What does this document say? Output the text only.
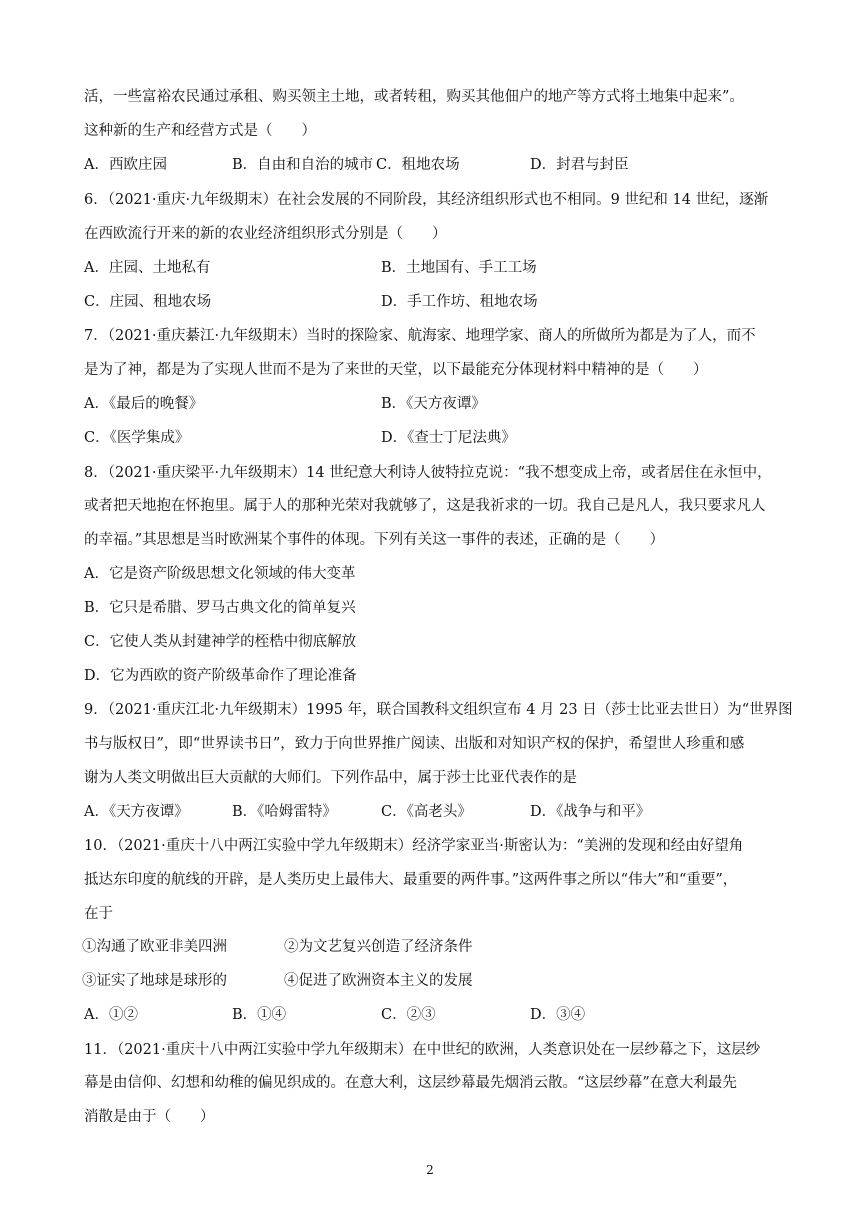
活，一些富裕农民通过承租、购买领主土地，或者转租，购买其他佃户的地产等方式将土地集中起来”。
这种新的生产和经营方式是（　　）
A．西欧庄园	B．自由和自治的城市 C．租地农场	D．封君与封臣
6．（2021·重庆·九年级期末）在社会发展的不同阶段，其经济组织形式也不相同。9 世纪和 14 世纪，逐渐
在西欧流行开来的新的农业经济组织形式分别是（　　）
A．庄园、土地私有	B．土地国有、手工工场
C．庄园、租地农场	D．手工作坊、租地农场
7．（2021·重庆綦江·九年级期末）当时的探险家、航海家、地理学家、商人的所做所为都是为了人，而不
是为了神，都是为了实现人世而不是为了来世的天堂，以下最能充分体现材料中精神的是（　　）
A．《最后的晚餐》	B．《天方夜谭》
C．《医学集成》	D．《查士丁尼法典》
8．（2021·重庆梁平·九年级期末）14 世纪意大利诗人彼特拉克说：“我不想变成上帝，或者居住在永恒中，
或者把天地抱在怀抱里。属于人的那种光荣对我就够了，这是我祈求的一切。我自己是凡人，我只要求凡人
的幸福。”其思想是当时欧洲某个事件的体现。下列有关这一事件的表述，正确的是（　　）
A．它是资产阶级思想文化领域的伟大变革
B．它只是希腊、罗马古典文化的简单复兴
C．它使人类从封建神学的桎梏中彻底解放
D．它为西欧的资产阶级革命作了理论准备
9．（2021·重庆江北·九年级期末）1995 年，联合国教科文组织宣布 4 月 23 日（莎士比亚去世日）为“世界图
书与版权日”，即“世界读书日”，致力于向世界推广阅读、出版和对知识产权的保护，希望世人珍重和感
谢为人类文明做出巨大贡献的大师们。下列作品中，属于莎士比亚代表作的是
A．《天方夜谭》	B．《哈姆雷特》	C．《高老头》	D．《战争与和平》
10．（2021·重庆十八中两江实验中学九年级期末）经济学家亚当·斯密认为：“美洲的发现和经由好望角
抵达东印度的航线的开辟，是人类历史上最伟大、最重要的两件事。”这两件事之所以“伟大”和“重要”，
在于
①沟通了欧亚非美四洲	②为文艺复兴创造了经济条件
③证实了地球是球形的	④促进了欧洲资本主义的发展
A．①②	B．①④	C．②③	D．③④
11．（2021·重庆十八中两江实验中学九年级期末）在中世纪的欧洲，人类意识处在一层纱幕之下，这层纱
幕是由信仰、幻想和幼稚的偏见织成的。在意大利，这层纱幕最先烟消云散。“这层纱幕”在意大利最先
消散是由于（　　）
2
